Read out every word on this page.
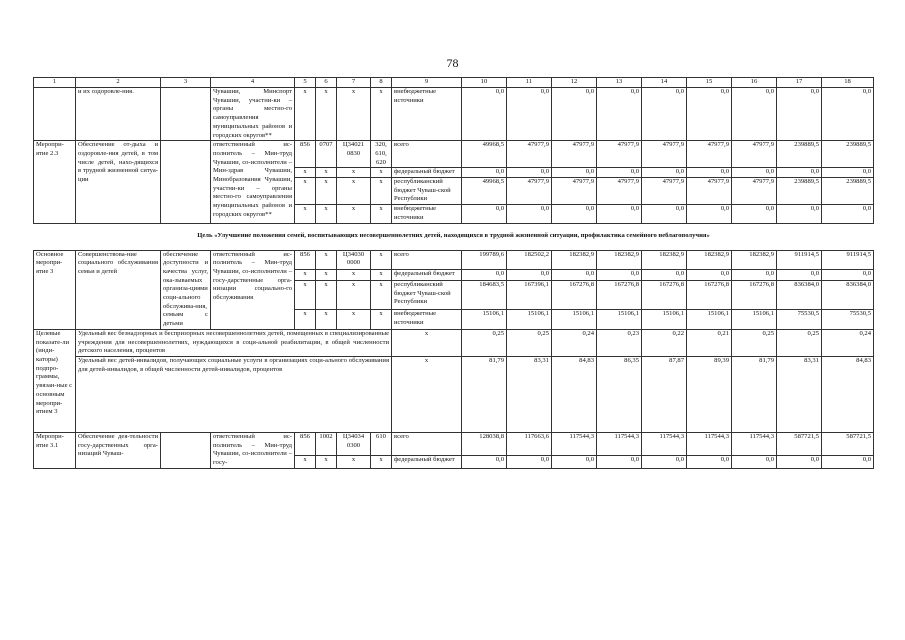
78
1	2	3	4	5	6	7	8	9	10	11	12	13	14	15	16	17	18
	и их оздоровле-ния.		Чувашии, Минспорт Чувашии, участни-ки – органы местно-го самоуправления муниципальных районов и городских округов**	x	x	x	x	внебюджетные источники	0,0	0,0	0,0	0,0	0,0	0,0	0,0	0,0	0,0
Меропри-ятие 2.3	Обеспечение от-дыха и оздоровле-ния детей, в том числе детей, нахо-дящихся в трудной жизненной ситуа-ции		ответственный ис-полнитель – Мин-труд Чувашии, со-исполнители – Мин-здрав Чувашии, Минобразования Чувашии, участни-ки – органы местно-го самоуправления муниципальных районов и городских округов**	856	0707	Ц34021 0830	320, 610, 620	всего	49968,5	47977,9	47977,9	47977,9	47977,9	47977,9	47977,9	239889,5	239889,5
				x	x	x	x	федеральный бюджет	0,0	0,0	0,0	0,0	0,0	0,0	0,0	0,0	0,0
				x	x	x	x	республиканский бюджет Чуваш-ской Республики	49968,5	47977,9	47977,9	47977,9	47977,9	47977,9	47977,9	239889,5	239889,5
				x	x	x	x	внебюджетные источники	0,0	0,0	0,0	0,0	0,0	0,0	0,0	0,0	0,0
Цель «Улучшение положения семей, воспитывающих несовершеннолетних детей, находящихся в трудной жизненной ситуации, профилактика семейного неблагополучия»																	

Основное меропри-ятие 3	Совершенствова-ние социального обслуживания семьи и детей	обеспечение доступности и качества услуг, ока-зываемых организа-циями соци-ального обслужива-ния, семьям с детьми	ответственный ис-полнитель – Мин-труд Чувашии, со-исполнители – госу-дарственные орга-низации социально-го обслуживания	856	x	Ц34030 0000	x	всего	199789,6	182502,2	182382,9	182382,9	182382,9	182382,9	182382,9	911914,5	911914,5
				x	x	x	x	федеральный бюджет	0,0	0,0	0,0	0,0	0,0	0,0	0,0	0,0	0,0
				x	x	x	x	республиканский бюджет Чуваш-ской Республики	184683,5	167396,1	167276,8	167276,8	167276,8	167276,8	167276,8	836384,0	836384,0
				x	x	x	x	внебюджетные источники	15106,1	15106,1	15106,1	15106,1	15106,1	15106,1	15106,1	75530,5	75530,5
Целевые показате-ли (инди-каторы) подпро-граммы, увязан-ные с основным меропри-ятием 3	Удельный вес безнадзорных и беспризорных несовершеннолетних детей, помещенных в специализированные учреждения для несовершеннолетних, нуждающихся в соци-альной реабилитации, в общей численности детского населения, процентов							x	0,25	0,25	0,24	0,23	0,22	0,21	0,25	0,25	0,24
	Удельный вес детей-инвалидов, получающих социальные услуги в организациях соци-ального обслуживания для детей-инвалидов, в общей численности детей-инвалидов, процентов							x	81,79	83,31	84,83	86,35	87,87	89,39	81,79	83,31	84,83
Меропри-ятие 3.1	Обеспечение дея-тельности госу-дарственных орга-низаций Чуваш-		ответственный ис-полнитель – Мин-труд Чувашии, со-исполнители – госу-	856	1002	Ц34034 0300	610	всего	128038,8	117663,6	117544,3	117544,3	117544,3	117544,3	117544,3	587721,5	587721,5
				x	x	x	x	федеральный бюджет	0,0	0,0	0,0	0,0	0,0	0,0	0,0	0,0	0,0
